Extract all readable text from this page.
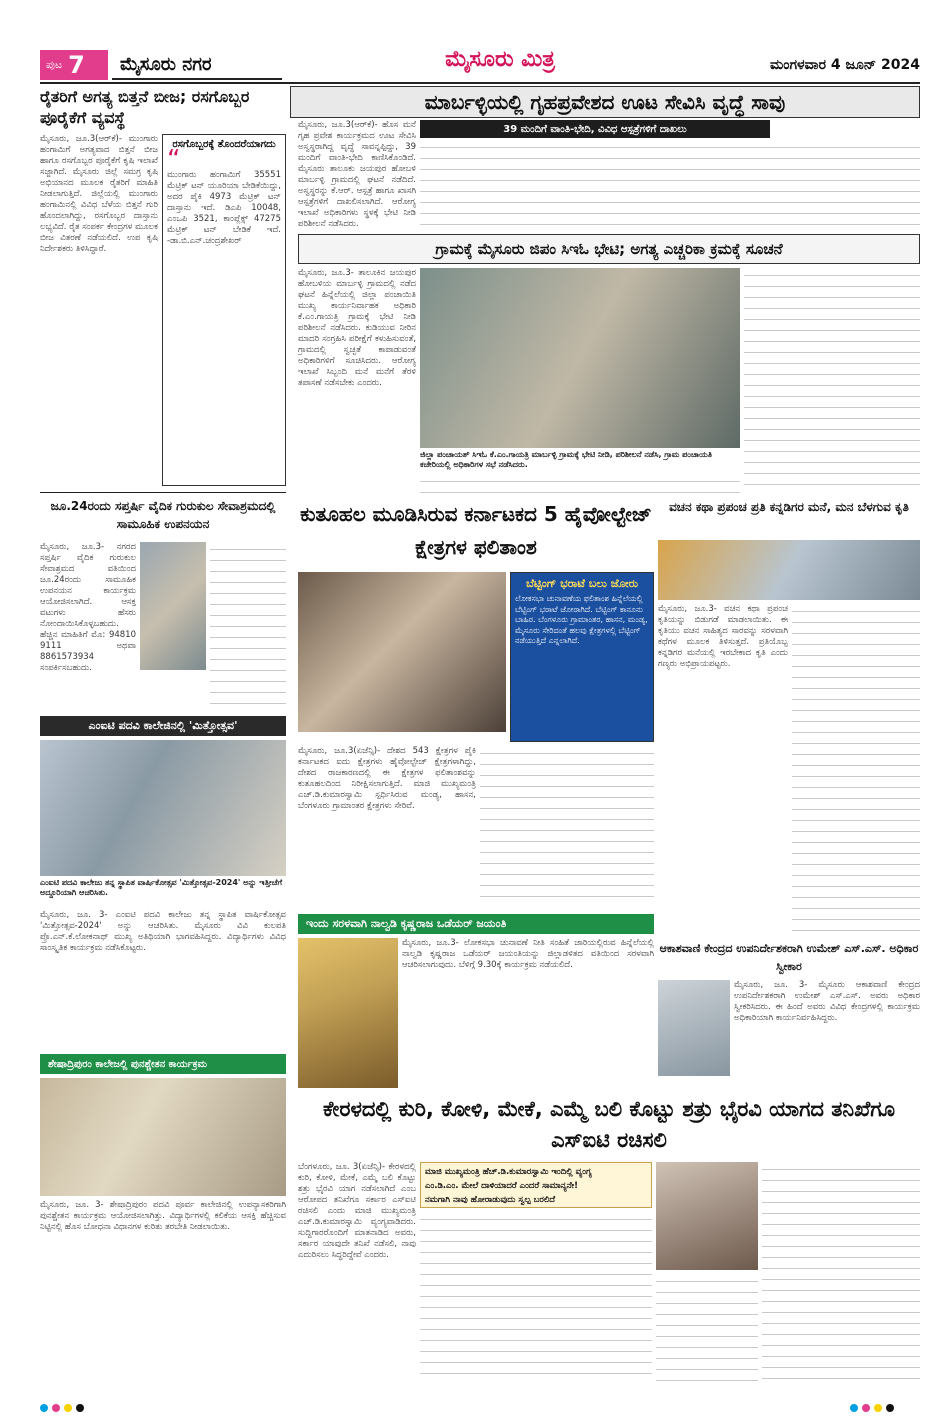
ಪುಟ 7	ಮೈಸೂರು ನಗರ	ಮೈಸೂರು ಮಿತ್ರ	ಮಂಗಳವಾರ 4 ಜೂನ್ 2024
ರೈತರಿಗೆ ಅಗತ್ಯ ಬಿತ್ತನೆ ಬೀಜ; ರಸಗೊಬ್ಬರ ಪೂರೈಕೆಗೆ ವ್ಯವಸ್ಥೆ
ಮೈಸೂರು, ಜೂ.3(ಆರ್‌ಕೆ)- ಮುಂಗಾರು ಹಂಗಾಮಿಗೆ ಅಗತ್ಯವಾದ ಬಿತ್ತನೆ ಬೀಜ ಹಾಗೂ ರಸಗೊಬ್ಬರ ಪೂರೈಕೆಗೆ ಕೃಷಿ ಇಲಾಖೆ ಸಜ್ಜಾಗಿದೆ. ಮೈಸೂರು ಜಿಲ್ಲೆ ಸಮಗ್ರ ಕೃಷಿ ಅಭಿಯಾನದ ಮೂಲಕ ರೈತರಿಗೆ ಮಾಹಿತಿ ನೀಡಲಾಗುತ್ತಿದೆ. ಜಿಲ್ಲೆಯಲ್ಲಿ ಮುಂಗಾರು ಹಂಗಾಮಿನಲ್ಲಿ ವಿವಿಧ ಬೆಳೆಯ ಬಿತ್ತನೆ ಗುರಿ ಹೊಂದಲಾಗಿದ್ದು, ರಸಗೊಬ್ಬರ ದಾಸ್ತಾನು ಲಭ್ಯವಿದೆ. ರೈತ ಸಂಪರ್ಕ ಕೇಂದ್ರಗಳ ಮೂಲಕ ಬೀಜ ವಿತರಣೆ ನಡೆಯಲಿದೆ. ಉಪ ಕೃಷಿ ನಿರ್ದೇಶಕರು ತಿಳಿಸಿದ್ದಾರೆ.
ರಸಗೊಬ್ಬರಕ್ಕೆ ತೊಂದರೆಯಾಗದು
“
ಮುಂಗಾರು ಹಂಗಾಮಿಗೆ 35551 ಮೆಟ್ರಿಕ್ ಟನ್ ಯೂರಿಯಾ ಬೇಡಿಕೆಯಿದ್ದು, ಅದರ ಪೈಕಿ 4973 ಮೆಟ್ರಿಕ್ ಟನ್ ದಾಸ್ತಾನು ಇದೆ. ಡಿಎಪಿ 10048, ಎಂಒಪಿ 3521, ಕಾಂಪ್ಲೆಕ್ಸ್ 47275 ಮೆಟ್ರಿಕ್ ಟನ್ ಬೇಡಿಕೆ ಇದೆ. -ಡಾ.ಬಿ.ಎನ್.ಚಂದ್ರಶೇಖರ್
ಜೂ.24ರಂದು ಸಪ್ತರ್ಷಿ ವೈದಿಕ ಗುರುಕುಲ ಸೇವಾಶ್ರಮದಲ್ಲಿ ಸಾಮೂಹಿಕ ಉಪನಯನ
ಮೈಸೂರು, ಜೂ.3- ನಗರದ ಸಪ್ತರ್ಷಿ ವೈದಿಕ ಗುರುಕುಲ ಸೇವಾಶ್ರಮದ ವತಿಯಿಂದ ಜೂ.24ರಂದು ಸಾಮೂಹಿಕ ಉಪನಯನ ಕಾರ್ಯಕ್ರಮ ಆಯೋಜಿಸಲಾಗಿದೆ. ಆಸಕ್ತ ವಟುಗಳು ಹೆಸರು ನೋಂದಾಯಿಸಿಕೊಳ್ಳಬಹುದು. ಹೆಚ್ಚಿನ ಮಾಹಿತಿಗೆ ಮೊ: 94810 9111 ಅಥವಾ 8861573934 ಸಂಪರ್ಕಿಸಬಹುದು.
ಎಂಐಟಿ ಪದವಿ ಕಾಲೇಜಿನಲ್ಲಿ 'ಮಿತ್ತೋತ್ಸವ'
ಎಂಐಟಿ ಪದವಿ ಕಾಲೇಜು ತನ್ನ ಸ್ಥಾಪಿತ ವಾರ್ಷಿಕೋತ್ಸವ 'ಮಿತ್ತೋತ್ಸವ-2024' ಅನ್ನು ಇತ್ತೀಚೆಗೆ ಅದ್ದೂರಿಯಾಗಿ ಆಚರಿಸಿತು.
ಮೈಸೂರು, ಜೂ. 3- ಎಂಐಟಿ ಪದವಿ ಕಾಲೇಜು ತನ್ನ ಸ್ಥಾಪಿತ ವಾರ್ಷಿಕೋತ್ಸವ 'ಮಿತ್ತೋತ್ಸವ-2024' ಅನ್ನು ಆಚರಿಸಿತು. ಮೈಸೂರು ವಿವಿ ಕುಲಪತಿ ಪ್ರೊ.ಎನ್.ಕೆ.ಲೋಕನಾಥ್ ಮುಖ್ಯ ಅತಿಥಿಯಾಗಿ ಭಾಗವಹಿಸಿದ್ದರು. ವಿದ್ಯಾರ್ಥಿಗಳು ವಿವಿಧ ಸಾಂಸ್ಕೃತಿಕ ಕಾರ್ಯಕ್ರಮ ನಡೆಸಿಕೊಟ್ಟರು.
ಶೇಷಾದ್ರಿಪುರಂ ಕಾಲೇಜಲ್ಲಿ ಪುನಶ್ಚೇತನ ಕಾರ್ಯಕ್ರಮ
ಮೈಸೂರು, ಜೂ. 3- ಶೇಷಾದ್ರಿಪುರಂ ಪದವಿ ಪೂರ್ವ ಕಾಲೇಜಿನಲ್ಲಿ ಉಪನ್ಯಾಸಕರಿಗಾಗಿ ಪುನಶ್ಚೇತನ ಕಾರ್ಯಕ್ರಮ ಆಯೋಜಿಸಲಾಗಿತ್ತು. ವಿದ್ಯಾರ್ಥಿಗಳಲ್ಲಿ ಕಲಿಕೆಯ ಆಸಕ್ತಿ ಹೆಚ್ಚಿಸುವ ನಿಟ್ಟಿನಲ್ಲಿ ಹೊಸ ಬೋಧನಾ ವಿಧಾನಗಳ ಕುರಿತು ತರಬೇತಿ ನೀಡಲಾಯಿತು.
ಮಾರ್ಬಳ್ಳಿಯಲ್ಲಿ ಗೃಹಪ್ರವೇಶದ ಊಟ ಸೇವಿಸಿ ವೃದ್ಧೆ ಸಾವು
39 ಮಂದಿಗೆ ವಾಂತಿ-ಭೇದಿ, ವಿವಿಧ ಆಸ್ಪತ್ರೆಗಳಿಗೆ ದಾಖಲು
ಮೈಸೂರು, ಜೂ.3(ಆರ್‌ಕೆ)- ಹೊಸ ಮನೆ ಗೃಹ ಪ್ರವೇಶ ಕಾರ್ಯಕ್ರಮದ ಊಟ ಸೇವಿಸಿ ಅಸ್ವಸ್ಥರಾಗಿದ್ದ ವೃದ್ಧೆ ಸಾವನ್ನಪ್ಪಿದ್ದು, 39 ಮಂದಿಗೆ ವಾಂತಿ-ಭೇದಿ ಕಾಣಿಸಿಕೊಂಡಿದೆ. ಮೈಸೂರು ತಾಲೂಕು ಜಯಪುರ ಹೋಬಳಿ ಮಾರ್ಬಳ್ಳಿ ಗ್ರಾಮದಲ್ಲಿ ಘಟನೆ ನಡೆದಿದೆ. ಅಸ್ವಸ್ಥರನ್ನು ಕೆ.ಆರ್. ಆಸ್ಪತ್ರೆ ಹಾಗೂ ಖಾಸಗಿ ಆಸ್ಪತ್ರೆಗಳಿಗೆ ದಾಖಲಿಸಲಾಗಿದೆ. ಆರೋಗ್ಯ ಇಲಾಖೆ ಅಧಿಕಾರಿಗಳು ಸ್ಥಳಕ್ಕೆ ಭೇಟಿ ನೀಡಿ ಪರಿಶೀಲನೆ ನಡೆಸಿದರು.
ಗ್ರಾಮಕ್ಕೆ ಮೈಸೂರು ಜಿಪಂ ಸಿಇಓ ಭೇಟಿ; ಅಗತ್ಯ ಎಚ್ಚರಿಕಾ ಕ್ರಮಕ್ಕೆ ಸೂಚನೆ
ಮೈಸೂರು, ಜೂ.3- ತಾಲೂಕಿನ ಜಯಪುರ ಹೋಬಳಿಯ ಮಾರ್ಬಳ್ಳಿ ಗ್ರಾಮದಲ್ಲಿ ನಡೆದ ಘಟನೆ ಹಿನ್ನೆಲೆಯಲ್ಲಿ ಜಿಲ್ಲಾ ಪಂಚಾಯಿತಿ ಮುಖ್ಯ ಕಾರ್ಯನಿರ್ವಾಹಕ ಅಧಿಕಾರಿ ಕೆ.ಎಂ.ಗಾಯತ್ರಿ ಗ್ರಾಮಕ್ಕೆ ಭೇಟಿ ನೀಡಿ ಪರಿಶೀಲನೆ ನಡೆಸಿದರು. ಕುಡಿಯುವ ನೀರಿನ ಮಾದರಿ ಸಂಗ್ರಹಿಸಿ ಪರೀಕ್ಷೆಗೆ ಕಳುಹಿಸುವಂತೆ, ಗ್ರಾಮದಲ್ಲಿ ಸ್ವಚ್ಛತೆ ಕಾಪಾಡುವಂತೆ ಅಧಿಕಾರಿಗಳಿಗೆ ಸೂಚಿಸಿದರು. ಆರೋಗ್ಯ ಇಲಾಖೆ ಸಿಬ್ಬಂದಿ ಮನೆ ಮನೆಗೆ ತೆರಳಿ ತಪಾಸಣೆ ನಡೆಸಬೇಕು ಎಂದರು.
ಜಿಲ್ಲಾ ಪಂಚಾಯತ್ ಸಿಇಓ ಕೆ.ಎಂ.ಗಾಯತ್ರಿ ಮಾರ್ಬಳ್ಳಿ ಗ್ರಾಮಕ್ಕೆ ಭೇಟಿ ನೀಡಿ, ಪರಿಶೀಲನೆ ನಡೆಸಿ, ಗ್ರಾಮ ಪಂಚಾಯತಿ ಕಚೇರಿಯಲ್ಲಿ ಅಧಿಕಾರಿಗಳ ಸಭೆ ನಡೆಸಿದರು.
ಕುತೂಹಲ ಮೂಡಿಸಿರುವ ಕರ್ನಾಟಕದ 5 ಹೈವೋಲ್ಟೇಜ್ ಕ್ಷೇತ್ರಗಳ ಫಲಿತಾಂಶ
ಬೆಟ್ಟಿಂಗ್ ಭರಾಟೆ ಬಲು ಜೋರು
ಲೋಕಸಭಾ ಚುನಾವಣೆಯ ಫಲಿತಾಂಶ ಹಿನ್ನೆಲೆಯಲ್ಲಿ ಬೆಟ್ಟಿಂಗ್ ಭರಾಟೆ ಜೋರಾಗಿದೆ. ಬೆಟ್ಟಿಂಗ್ ಕಾನೂನು ಬಾಹಿರ. ಬೆಂಗಳೂರು ಗ್ರಾಮಾಂತರ, ಹಾಸನ, ಮಂಡ್ಯ, ಮೈಸೂರು ಸೇರಿದಂತೆ ಹಲವು ಕ್ಷೇತ್ರಗಳಲ್ಲಿ ಬೆಟ್ಟಿಂಗ್ ನಡೆಯುತ್ತಿದೆ ಎನ್ನಲಾಗಿದೆ.
ಮೈಸೂರು, ಜೂ.3(ಏಜೆನ್ಸಿ)- ದೇಶದ 543 ಕ್ಷೇತ್ರಗಳ ಪೈಕಿ ಕರ್ನಾಟಕದ ಐದು ಕ್ಷೇತ್ರಗಳು ಹೈವೋಲ್ಟೇಜ್ ಕ್ಷೇತ್ರಗಳಾಗಿದ್ದು, ದೇಶದ ರಾಜಕಾರಣದಲ್ಲಿ ಈ ಕ್ಷೇತ್ರಗಳ ಫಲಿತಾಂಶವನ್ನು ಕುತೂಹಲದಿಂದ ನಿರೀಕ್ಷಿಸಲಾಗುತ್ತಿದೆ. ಮಾಜಿ ಮುಖ್ಯಮಂತ್ರಿ ಎಚ್.ಡಿ.ಕುಮಾರಸ್ವಾಮಿ ಸ್ಪರ್ಧಿಸಿರುವ ಮಂಡ್ಯ, ಹಾಸನ, ಬೆಂಗಳೂರು ಗ್ರಾಮಾಂತರ ಕ್ಷೇತ್ರಗಳು ಸೇರಿವೆ.
ವಚನ ಕಥಾ ಪ್ರಪಂಚ ಪ್ರತಿ ಕನ್ನಡಿಗರ ಮನೆ, ಮನ ಬೆಳಗುವ ಕೃತಿ
ಮೈಸೂರು, ಜೂ.3- ವಚನ ಕಥಾ ಪ್ರಪಂಚ ಕೃತಿಯನ್ನು ಬಿಡುಗಡೆ ಮಾಡಲಾಯಿತು. ಈ ಕೃತಿಯು ವಚನ ಸಾಹಿತ್ಯದ ಸಾರವನ್ನು ಸರಳವಾಗಿ ಕಥೆಗಳ ಮೂಲಕ ತಿಳಿಸುತ್ತದೆ. ಪ್ರತಿಯೊಬ್ಬ ಕನ್ನಡಿಗರ ಮನೆಯಲ್ಲಿ ಇರಬೇಕಾದ ಕೃತಿ ಎಂದು ಗಣ್ಯರು ಅಭಿಪ್ರಾಯಪಟ್ಟರು.
ಇಂದು ಸರಳವಾಗಿ ನಾಲ್ವಡಿ ಕೃಷ್ಣರಾಜ ಒಡೆಯರ್ ಜಯಂತಿ
ಮೈಸೂರು, ಜೂ.3- ಲೋಕಸಭಾ ಚುನಾವಣೆ ನೀತಿ ಸಂಹಿತೆ ಜಾರಿಯಲ್ಲಿರುವ ಹಿನ್ನೆಲೆಯಲ್ಲಿ ನಾಲ್ವಡಿ ಕೃಷ್ಣರಾಜ ಒಡೆಯರ್ ಜಯಂತಿಯನ್ನು ಜಿಲ್ಲಾಡಳಿತದ ವತಿಯಿಂದ ಸರಳವಾಗಿ ಆಚರಿಸಲಾಗುವುದು. ಬೆಳಿಗ್ಗೆ 9.30ಕ್ಕೆ ಕಾರ್ಯಕ್ರಮ ನಡೆಯಲಿದೆ.
ಆಕಾಶವಾಣಿ ಕೇಂದ್ರದ ಉಪನಿರ್ದೇಶಕರಾಗಿ ಉಮೇಶ್ ಎಸ್.ಎಸ್. ಅಧಿಕಾರ ಸ್ವೀಕಾರ
ಮೈಸೂರು, ಜೂ. 3- ಮೈಸೂರು ಆಕಾಶವಾಣಿ ಕೇಂದ್ರದ ಉಪನಿರ್ದೇಶಕರಾಗಿ ಉಮೇಶ್ ಎಸ್.ಎಸ್. ಅವರು ಅಧಿಕಾರ ಸ್ವೀಕರಿಸಿದರು. ಈ ಹಿಂದೆ ಅವರು ವಿವಿಧ ಕೇಂದ್ರಗಳಲ್ಲಿ ಕಾರ್ಯಕ್ರಮ ಅಧಿಕಾರಿಯಾಗಿ ಕಾರ್ಯನಿರ್ವಹಿಸಿದ್ದರು.
ಕೇರಳದಲ್ಲಿ ಕುರಿ, ಕೋಳಿ, ಮೇಕೆ, ಎಮ್ಮೆ ಬಲಿ ಕೊಟ್ಟು ಶತ್ರು ಭೈರವಿ ಯಾಗದ ತನಿಖೆಗೂ ಎಸ್‌ಐಟಿ ರಚಿಸಲಿ
ಬೆಂಗಳೂರು, ಜೂ. 3(ಏಜೆನ್ಸಿ)- ಕೇರಳದಲ್ಲಿ ಕುರಿ, ಕೋಳಿ, ಮೇಕೆ, ಎಮ್ಮೆ ಬಲಿ ಕೊಟ್ಟು ಶತ್ರು ಭೈರವಿ ಯಾಗ ನಡೆಸಲಾಗಿದೆ ಎಂಬ ಆರೋಪದ ತನಿಖೆಗೂ ಸರ್ಕಾರ ಎಸ್‌ಐಟಿ ರಚಿಸಲಿ ಎಂದು ಮಾಜಿ ಮುಖ್ಯಮಂತ್ರಿ ಎಚ್.ಡಿ.ಕುಮಾರಸ್ವಾಮಿ ವ್ಯಂಗ್ಯವಾಡಿದರು. ಸುದ್ದಿಗಾರರೊಂದಿಗೆ ಮಾತನಾಡಿದ ಅವರು, ಸರ್ಕಾರ ಯಾವುದೇ ತನಿಖೆ ನಡೆಸಲಿ, ನಾವು ಎದುರಿಸಲು ಸಿದ್ಧರಿದ್ದೇವೆ ಎಂದರು.
ಮಾಜಿ ಮುಖ್ಯಮಂತ್ರಿ ಹೆಚ್.ಡಿ.ಕುಮಾರಸ್ವಾಮಿ ಇಂದಿಲ್ಲಿ ವ್ಯಂಗ್ಯ
ಎಂ.ಡಿ.ಎಂ. ಮೇಲೆ ದಾಳಿಯಾದರೆ ಎಂದರೆ ಸಾಮಾನ್ಯನೇ!
ನಮಗಾಗಿ ನಾವು ಹೋರಾಡುವುದು ಸ್ವಲ್ಪ ಬರಲಿದೆ
